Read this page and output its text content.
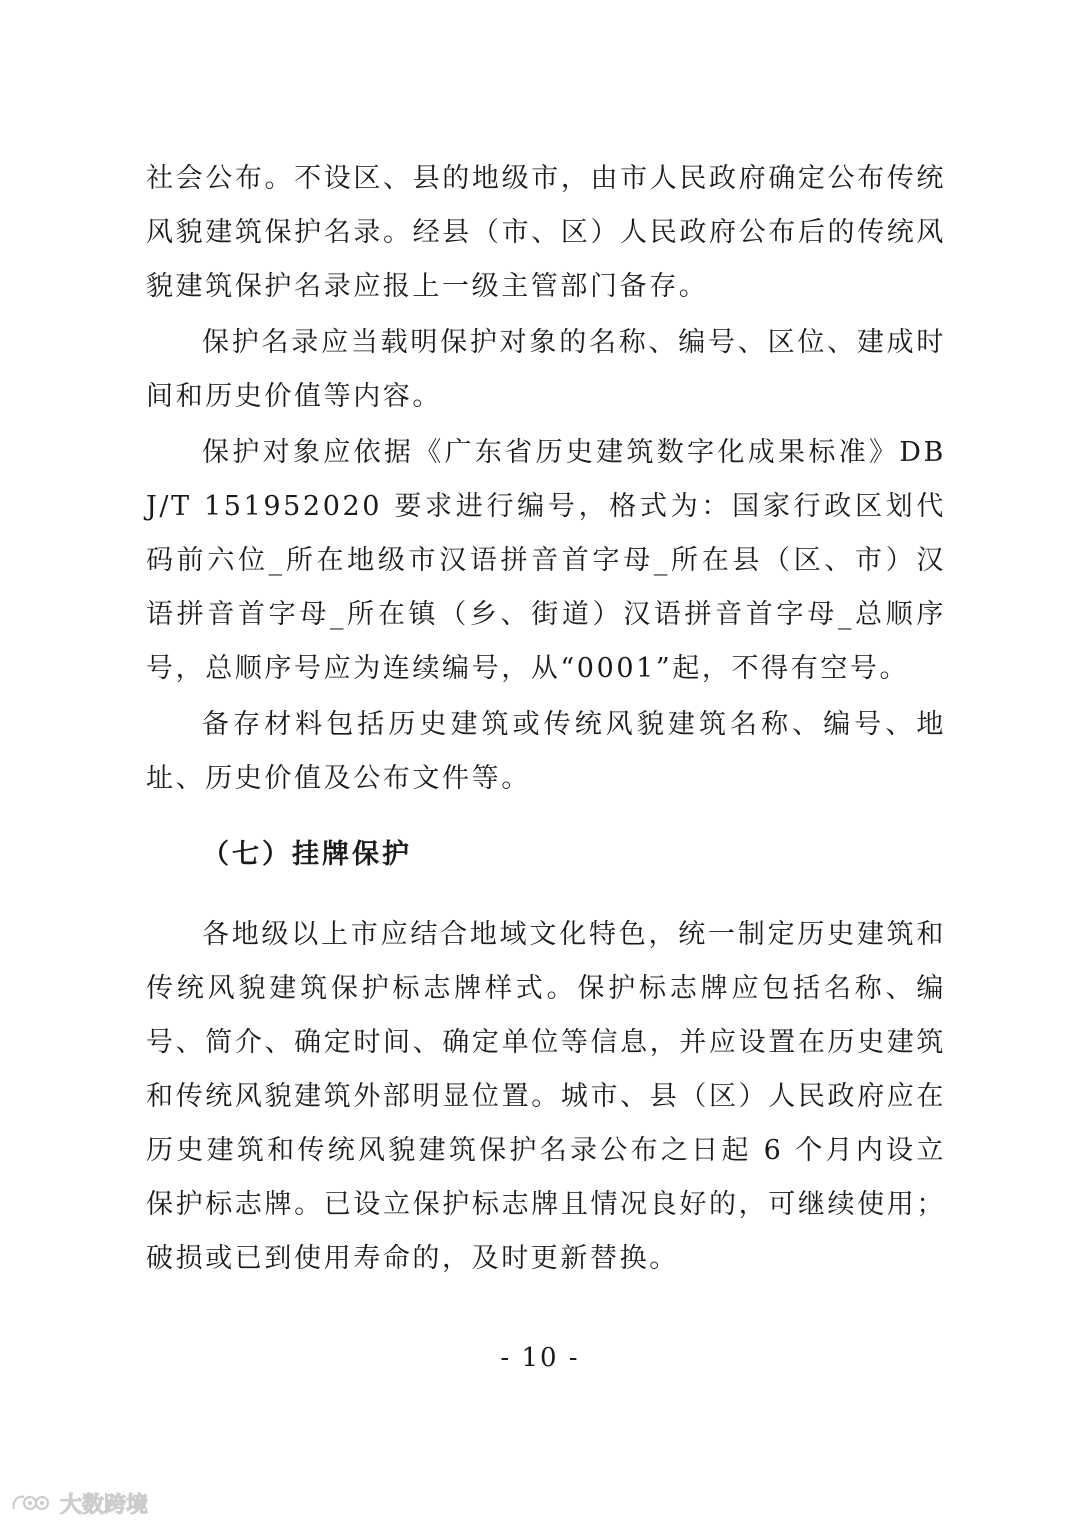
社会公布。不设区、县的地级市，由市人民政府确定公布传统风貌建筑保护名录。经县（市、区）人民政府公布后的传统风貌建筑保护名录应报上一级主管部门备存。

保护名录应当载明保护对象的名称、编号、区位、建成时间和历史价值等内容。

保护对象应依据《广东省历史建筑数字化成果标准》DBJ/T 151952020 要求进行编号，格式为：国家行政区划代码前六位_所在地级市汉语拼音首字母_所在县（区、市）汉语拼音首字母_所在镇（乡、街道）汉语拼音首字母_总顺序号，总顺序号应为连续编号，从“0001”起，不得有空号。

备存材料包括历史建筑或传统风貌建筑名称、编号、地址、历史价值及公布文件等。

（七）挂牌保护

各地级以上市应结合地域文化特色，统一制定历史建筑和传统风貌建筑保护标志牌样式。保护标志牌应包括名称、编号、简介、确定时间、确定单位等信息，并应设置在历史建筑和传统风貌建筑外部明显位置。城市、县（区）人民政府应在历史建筑和传统风貌建筑保护名录公布之日起 6 个月内设立保护标志牌。已设立保护标志牌且情况良好的，可继续使用；破损或已到使用寿命的，及时更新替换。

- 10 -
大数跨境
